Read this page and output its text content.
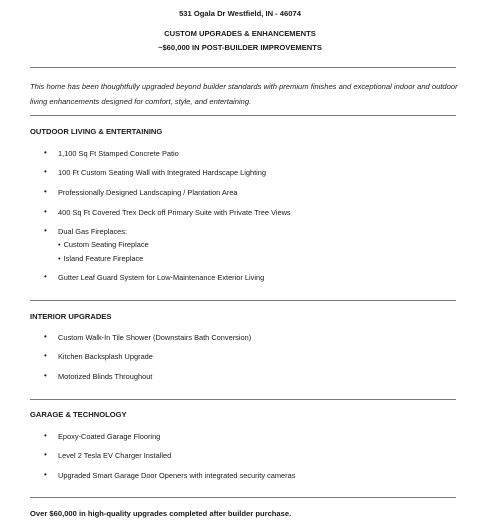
531 Ogala Dr Westfield, IN - 46074
CUSTOM UPGRADES & ENHANCEMENTS
~$60,000 IN POST-BUILDER IMPROVEMENTS
This home has been thoughtfully upgraded beyond builder standards with premium finishes and exceptional indoor and outdoor living enhancements designed for comfort, style, and entertaining.
OUTDOOR LIVING & ENTERTAINING
• 1,100 Sq Ft Stamped Concrete Patio
• 100 Ft Custom Seating Wall with Integrated Hardscape Lighting
• Professionally Designed Landscaping / Plantation Area
• 400 Sq Ft Covered Trex Deck off Primary Suite with Private Tree Views
• Dual Gas Fireplaces:
• Custom Seating Fireplace
• Island Feature Fireplace
• Gutter Leaf Guard System for Low-Maintenance Exterior Living
INTERIOR UPGRADES
• Custom Walk-In Tile Shower (Downstairs Bath Conversion)
• Kitchen Backsplash Upgrade
• Motorized Blinds Throughout
GARAGE & TECHNOLOGY
• Epoxy-Coated Garage Flooring
• Level 2 Tesla EV Charger Installed
• Upgraded Smart Garage Door Openers with integrated security cameras
Over $60,000 in high-quality upgrades completed after builder purchase.
